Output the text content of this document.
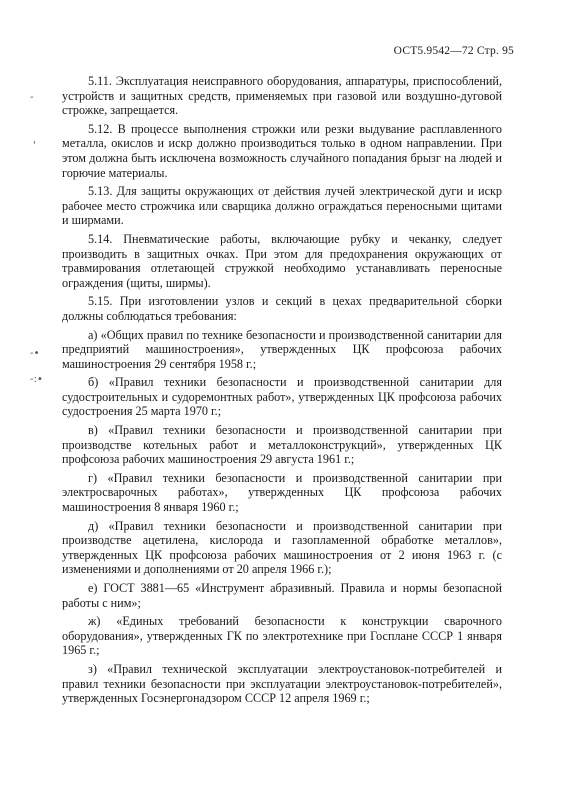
ОСТ5.9542—72 Стр. 95
-
'
-•
-:•

5.11. Эксплуатация неисправного оборудования, аппаратуры, приспособлений, устройств и защитных средств, применяемых при газовой или воздушно-дуговой строжке, запрещается.

5.12. В процессе выполнения строжки или резки выдувание расплавленного металла, окислов и искр должно производиться только в одном направлении. При этом должна быть исключена возможность случайного попадания брызг на людей и горючие материалы.

5.13. Для защиты окружающих от действия лучей электрической дуги и искр рабочее место строжчика или сварщика должно ограждаться переносными щитами и ширмами.

5.14. Пневматические работы, включающие рубку и чеканку, следует производить в защитных очках. При этом для предохранения окружающих от травмирования отлетающей стружкой необходимо устанавливать переносные ограждения (щиты, ширмы).

5.15. При изготовлении узлов и секций в цехах предварительной сборки должны соблюдаться требования:

а) «Общих правил по технике безопасности и производственной санитарии для предприятий машиностроения», утвержденных ЦК профсоюза рабочих машиностроения 29 сентября 1958 г.;

б) «Правил техники безопасности и производственной санитарии для судостроительных и судоремонтных работ», утвержденных ЦК профсоюза рабочих судостроения 25 марта 1970 г.;

в) «Правил техники безопасности и производственной санитарии при производстве котельных работ и металлоконструкций», утвержденных ЦК профсоюза рабочих машиностроения 29 августа 1961 г.;

г) «Правил техники безопасности и производственной санитарии при электросварочных работах», утвержденных ЦК профсоюза рабочих машиностроения 8 января 1960 г.;

д) «Правил техники безопасности и производственной санитарии при производстве ацетилена, кислорода и газопламенной обработке металлов», утвержденных ЦК профсоюза рабочих машиностроения от 2 июня 1963 г. (с изменениями и дополнениями от 20 апреля 1966 г.);

е) ГОСТ 3881—65 «Инструмент абразивный. Правила и нормы безопасной работы с ним»;

ж) «Единых требований безопасности к конструкции сварочного оборудования», утвержденных ГК по электротехнике при Госплане СССР 1 января 1965 г.;

з) «Правил технической эксплуатации электроустановок-потребителей и правил техники безопасности при эксплуатации электроустановок-потребителей», утвержденных Госэнергонадзором СССР 12 апреля 1969 г.;
